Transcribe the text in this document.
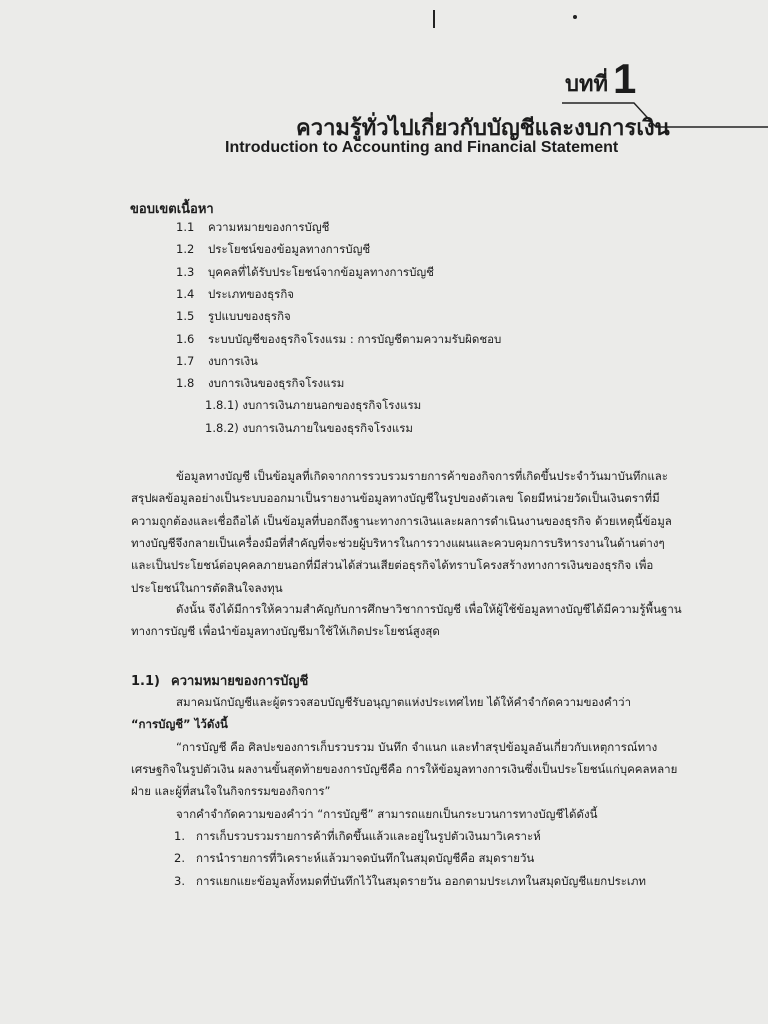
บทที่ 1
ความรู้ทั่วไปเกี่ยวกับบัญชีและงบการเงิน
Introduction to Accounting and Financial Statement
ขอบเขตเนื้อหา
1.1 ความหมายของการบัญชี
1.2 ประโยชน์ของข้อมูลทางการบัญชี
1.3 บุคคลที่ได้รับประโยชน์จากข้อมูลทางการบัญชี
1.4 ประเภทของธุรกิจ
1.5 รูปแบบของธุรกิจ
1.6 ระบบบัญชีของธุรกิจโรงแรม : การบัญชีตามความรับผิดชอบ
1.7 งบการเงิน
1.8 งบการเงินของธุรกิจโรงแรม
1.8.1) งบการเงินภายนอกของธุรกิจโรงแรม
1.8.2) งบการเงินภายในของธุรกิจโรงแรม
ข้อมูลทางบัญชี เป็นข้อมูลที่เกิดจากการรวบรวมรายการค้าของกิจการที่เกิดขึ้นประจำวันมาบันทึกและ
สรุปผลข้อมูลอย่างเป็นระบบออกมาเป็นรายงานข้อมูลทางบัญชีในรูปของตัวเลข โดยมีหน่วยวัดเป็นเงินตราที่มี
ความถูกต้องและเชื่อถือได้ เป็นข้อมูลที่บอกถึงฐานะทางการเงินและผลการดำเนินงานของธุรกิจ ด้วยเหตุนี้ข้อมูล
ทางบัญชีจึงกลายเป็นเครื่องมือที่สำคัญที่จะช่วยผู้บริหารในการวางแผนและควบคุมการบริหารงานในด้านต่างๆ
และเป็นประโยชน์ต่อบุคคลภายนอกที่มีส่วนได้ส่วนเสียต่อธุรกิจได้ทราบโครงสร้างทางการเงินของธุรกิจ เพื่อ
ประโยชน์ในการตัดสินใจลงทุน
ดังนั้น จึงได้มีการให้ความสำคัญกับการศึกษาวิชาการบัญชี เพื่อให้ผู้ใช้ข้อมูลทางบัญชีได้มีความรู้พื้นฐาน
ทางการบัญชี เพื่อนำข้อมูลทางบัญชีมาใช้ให้เกิดประโยชน์สูงสุด
1.1) ความหมายของการบัญชี
สมาคมนักบัญชีและผู้ตรวจสอบบัญชีรับอนุญาตแห่งประเทศไทย ได้ให้คำจำกัดความของคำว่า
“การบัญชี” ไว้ดังนี้
“การบัญชี คือ ศิลปะของการเก็บรวบรวม บันทึก จำแนก และทำสรุปข้อมูลอันเกี่ยวกับเหตุการณ์ทาง
เศรษฐกิจในรูปตัวเงิน ผลงานขั้นสุดท้ายของการบัญชีคือ การให้ข้อมูลทางการเงินซึ่งเป็นประโยชน์แก่บุคคลหลาย
ฝ่าย และผู้ที่สนใจในกิจกรรมของกิจการ”
จากคำจำกัดความของคำว่า “การบัญชี” สามารถแยกเป็นกระบวนการทางบัญชีได้ดังนี้
1. การเก็บรวบรวมรายการค้าที่เกิดขึ้นแล้วและอยู่ในรูปตัวเงินมาวิเคราะห์
2. การนำรายการที่วิเคราะห์แล้วมาจดบันทึกในสมุดบัญชีคือ สมุดรายวัน
3. การแยกแยะข้อมูลทั้งหมดที่บันทึกไว้ในสมุดรายวัน ออกตามประเภทในสมุดบัญชีแยกประเภท
